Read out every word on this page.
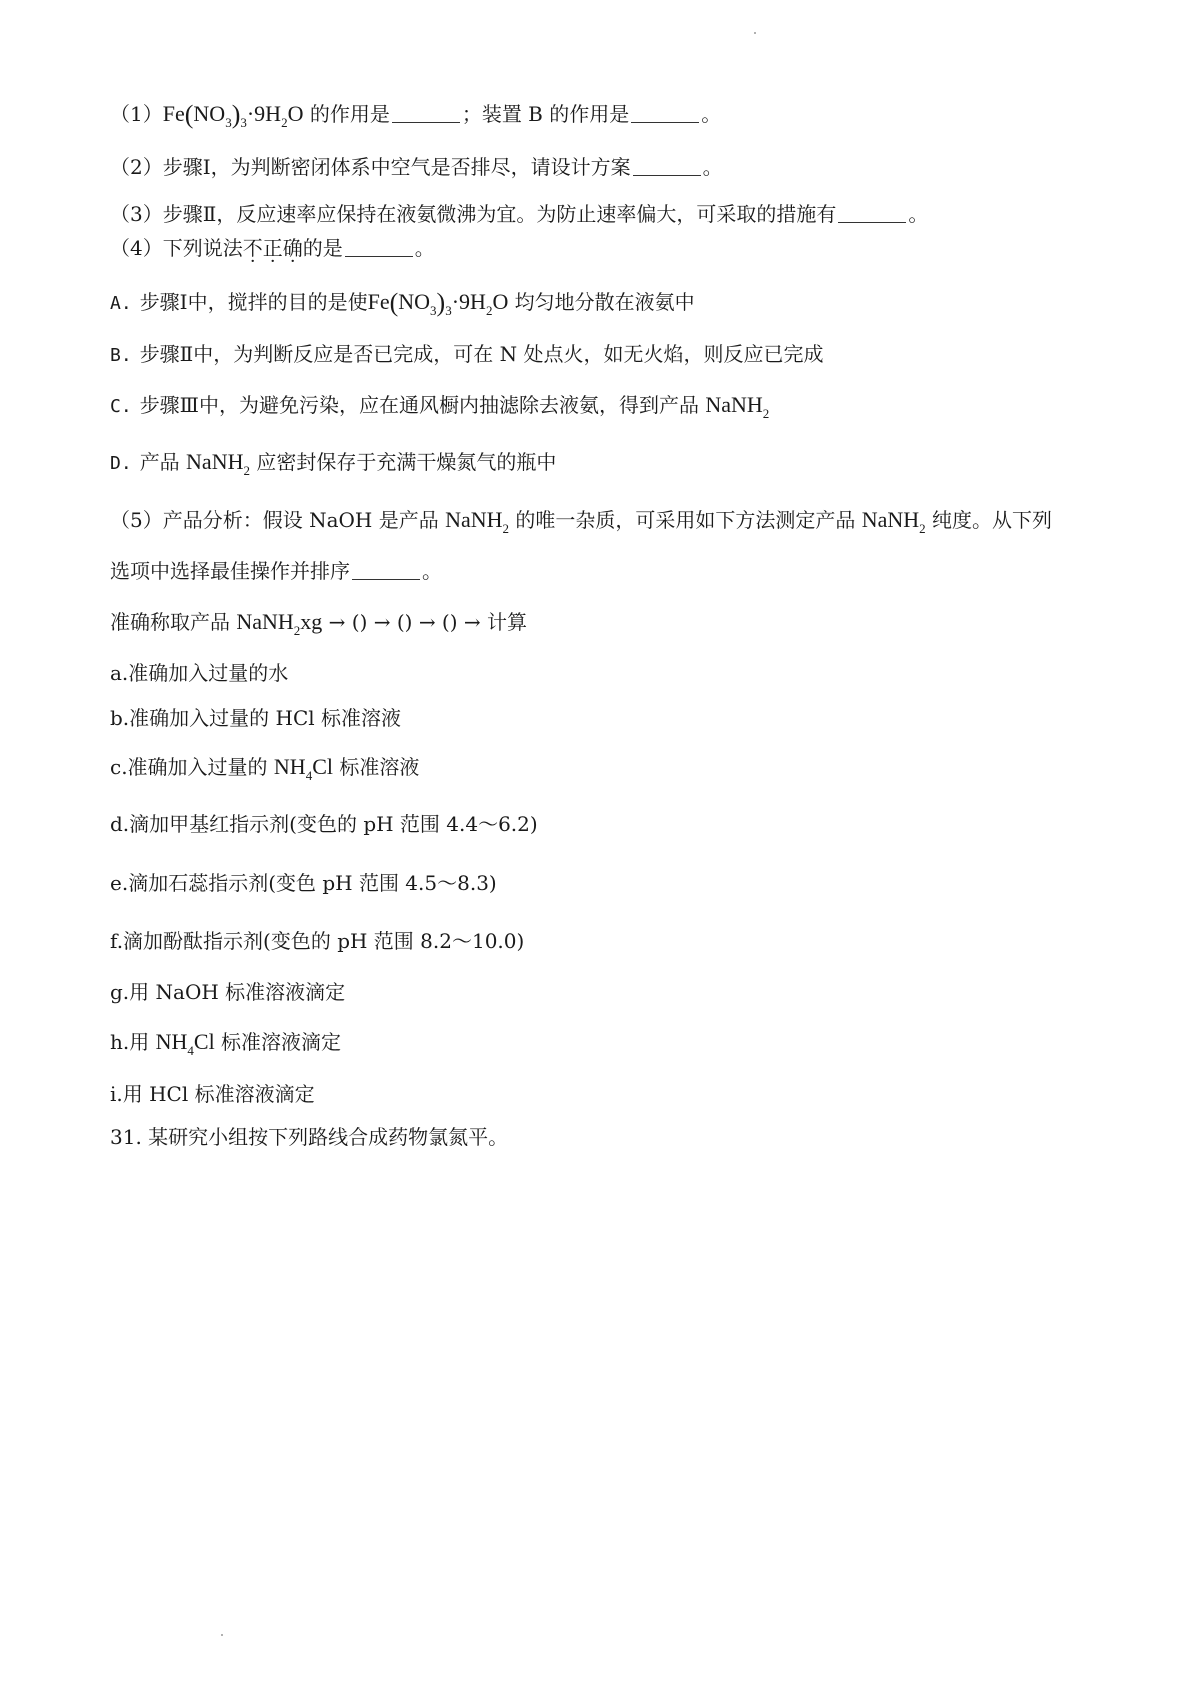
$(1)Fe(NO_3)_3\cdot 9H_2O$ 的作用是	；装置 B 的作用是	。
（2）步骤Ⅰ，为判断密闭体系中空气是否排尽，请设计方案	。
（3）步骤Ⅱ，反应速率应保持在液氨微沸为宜。为防止速率偏大，可采取的措施有	。
（4）下列说法不正确的是	。
A. 步骤Ⅰ中，搅拌的目的是使$Fe(NO_3)_3\cdot 9H_2O$ 均匀地分散在液氨中
B. 步骤Ⅱ中，为判断反应是否已完成，可在 N 处点火，如无火焰，则反应已完成
C. 步骤Ⅲ中，为避免污染，应在通风橱内抽滤除去液氨，得到产品 NaNH$_2$
D. 产品 NaNH$_2$ 应密封保存于充满干燥氮气的瓶中
（5）产品分析：假设 NaOH 是产品 NaNH$_2$ 的唯一杂质，可采用如下方法测定产品 NaNH$_2$ 纯度。从下列
选项中选择最佳操作并排序	。
准确称取产品 NaNH$_2$xg → () → () → () → 计算
a.准确加入过量的水
b.准确加入过量的 HCl 标准溶液
c.准确加入过量的 $NH_4Cl$ 标准溶液
d.滴加甲基红指示剂(变色的 pH 范围 4.4～6.2)
e.滴加石蕊指示剂(变色 pH 范围 4.5～8.3)
f.滴加酚酞指示剂(变色的 pH 范围 8.2～10.0)
g.用 NaOH 标准溶液滴定
h.用 $NH_4Cl$ 标准溶液滴定
i.用 HCl 标准溶液滴定
31. 某研究小组按下列路线合成药物氯氮平。
